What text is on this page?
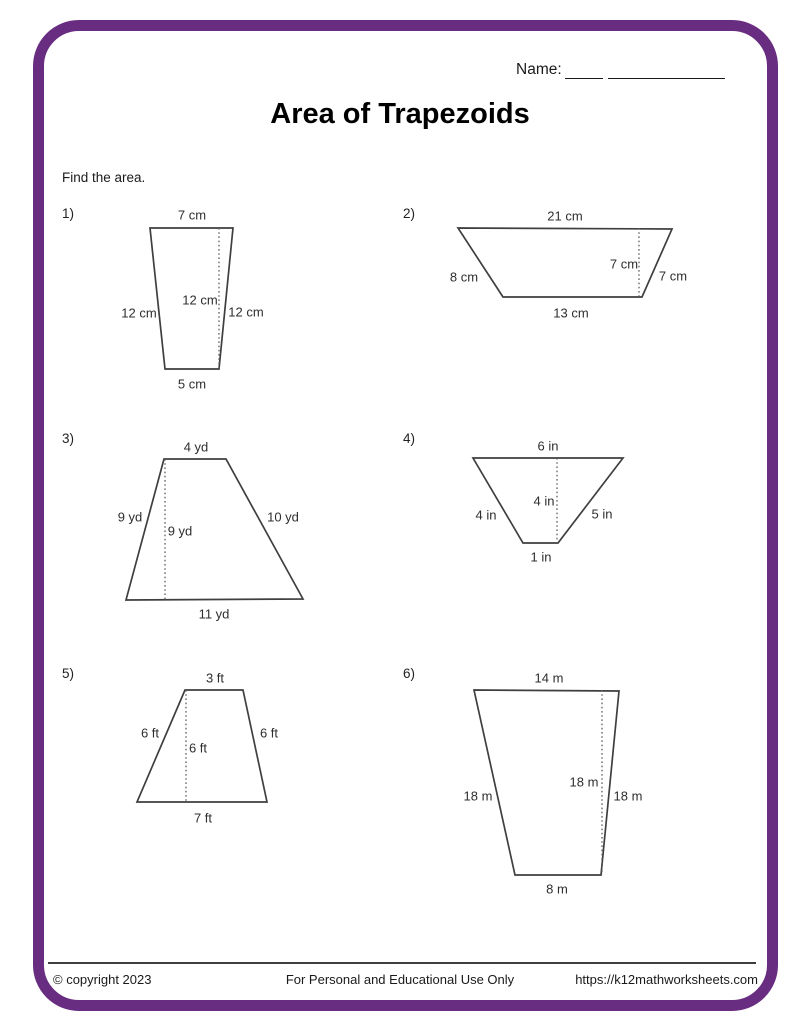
Name:
Area of Trapezoids
Find the area.
1)	7 cm
12 cm
12 cm
12 cm
5 cm
2)	21 cm
8 cm
7 cm
7 cm
13 cm
3)
4 yd
9 yd
9 yd
10 yd
11 yd
4)	6 in
4 in
4 in
5 in
1 in
5)	3 ft
6 ft
6 ft
6 ft
7 ft
6)	14 m
18 m
18 m
18 m
8 m
© copyright 2023	For Personal and Educational Use Only	https://k12mathworksheets.com
